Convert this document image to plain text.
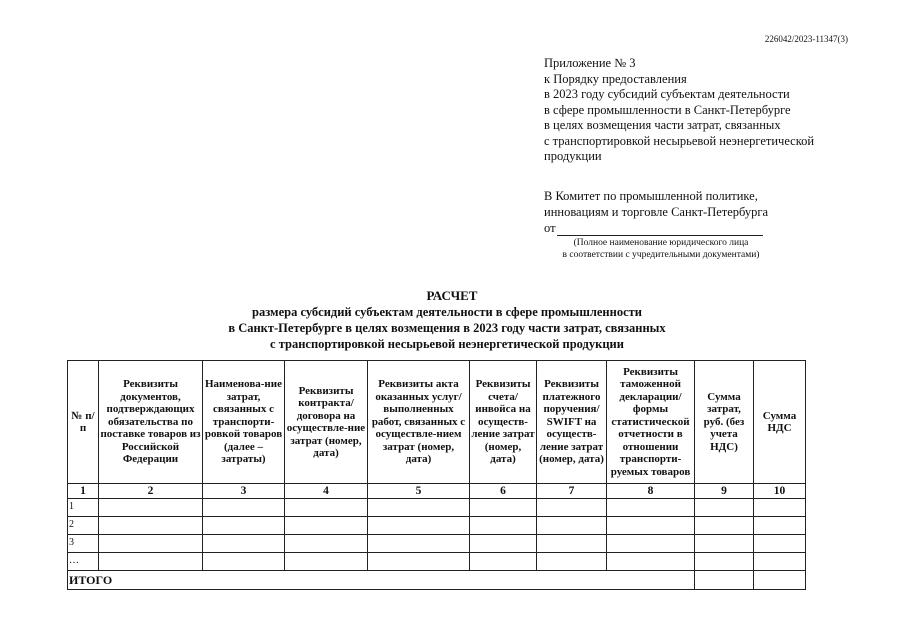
226042/2023-11347(3)
Приложение № 3
к Порядку предоставления
в 2023 году субсидий субъектам деятельности
в сфере промышленности в Санкт-Петербурге
в целях возмещения части затрат, связанных
с транспортировкой несырьевой неэнергетической
продукции
В Комитет по промышленной политике,
инновациям и торговле Санкт-Петербурга
от
(Полное наименование юридического лица
в соответствии с учредительными документами)
РАСЧЕТ
размера субсидий субъектам деятельности в сфере промышленности
в Санкт-Петербурге в целях возмещения в 2023 году части затрат, связанных
с транспортировкой несырьевой неэнергетической продукции
№ п/п	Реквизиты документов, подтверждающих обязательства по поставке товаров из Российской Федерации	Наименова-ние затрат, связанных с транспорти-ровкой товаров (далее – затраты)	Реквизиты контракта/ договора на осуществле-ние затрат (номер, дата)	Реквизиты акта оказанных услуг/ выполненных работ, связанных с осуществле-нием затрат (номер, дата)	Реквизиты счета/ инвойса на осуществ-ление затрат (номер, дата)	Реквизиты платежного поручения/ SWIFT на осуществ-ление затрат (номер, дата)	Реквизиты таможенной декларации/ формы статистической отчетности в отношении транспорти-руемых товаров	Сумма затрат, руб. (без учета НДС)	Сумма НДС
1	2	3	4	5	6	7	8	9	10
1									
2									
3									
…									
ИТОГО									
